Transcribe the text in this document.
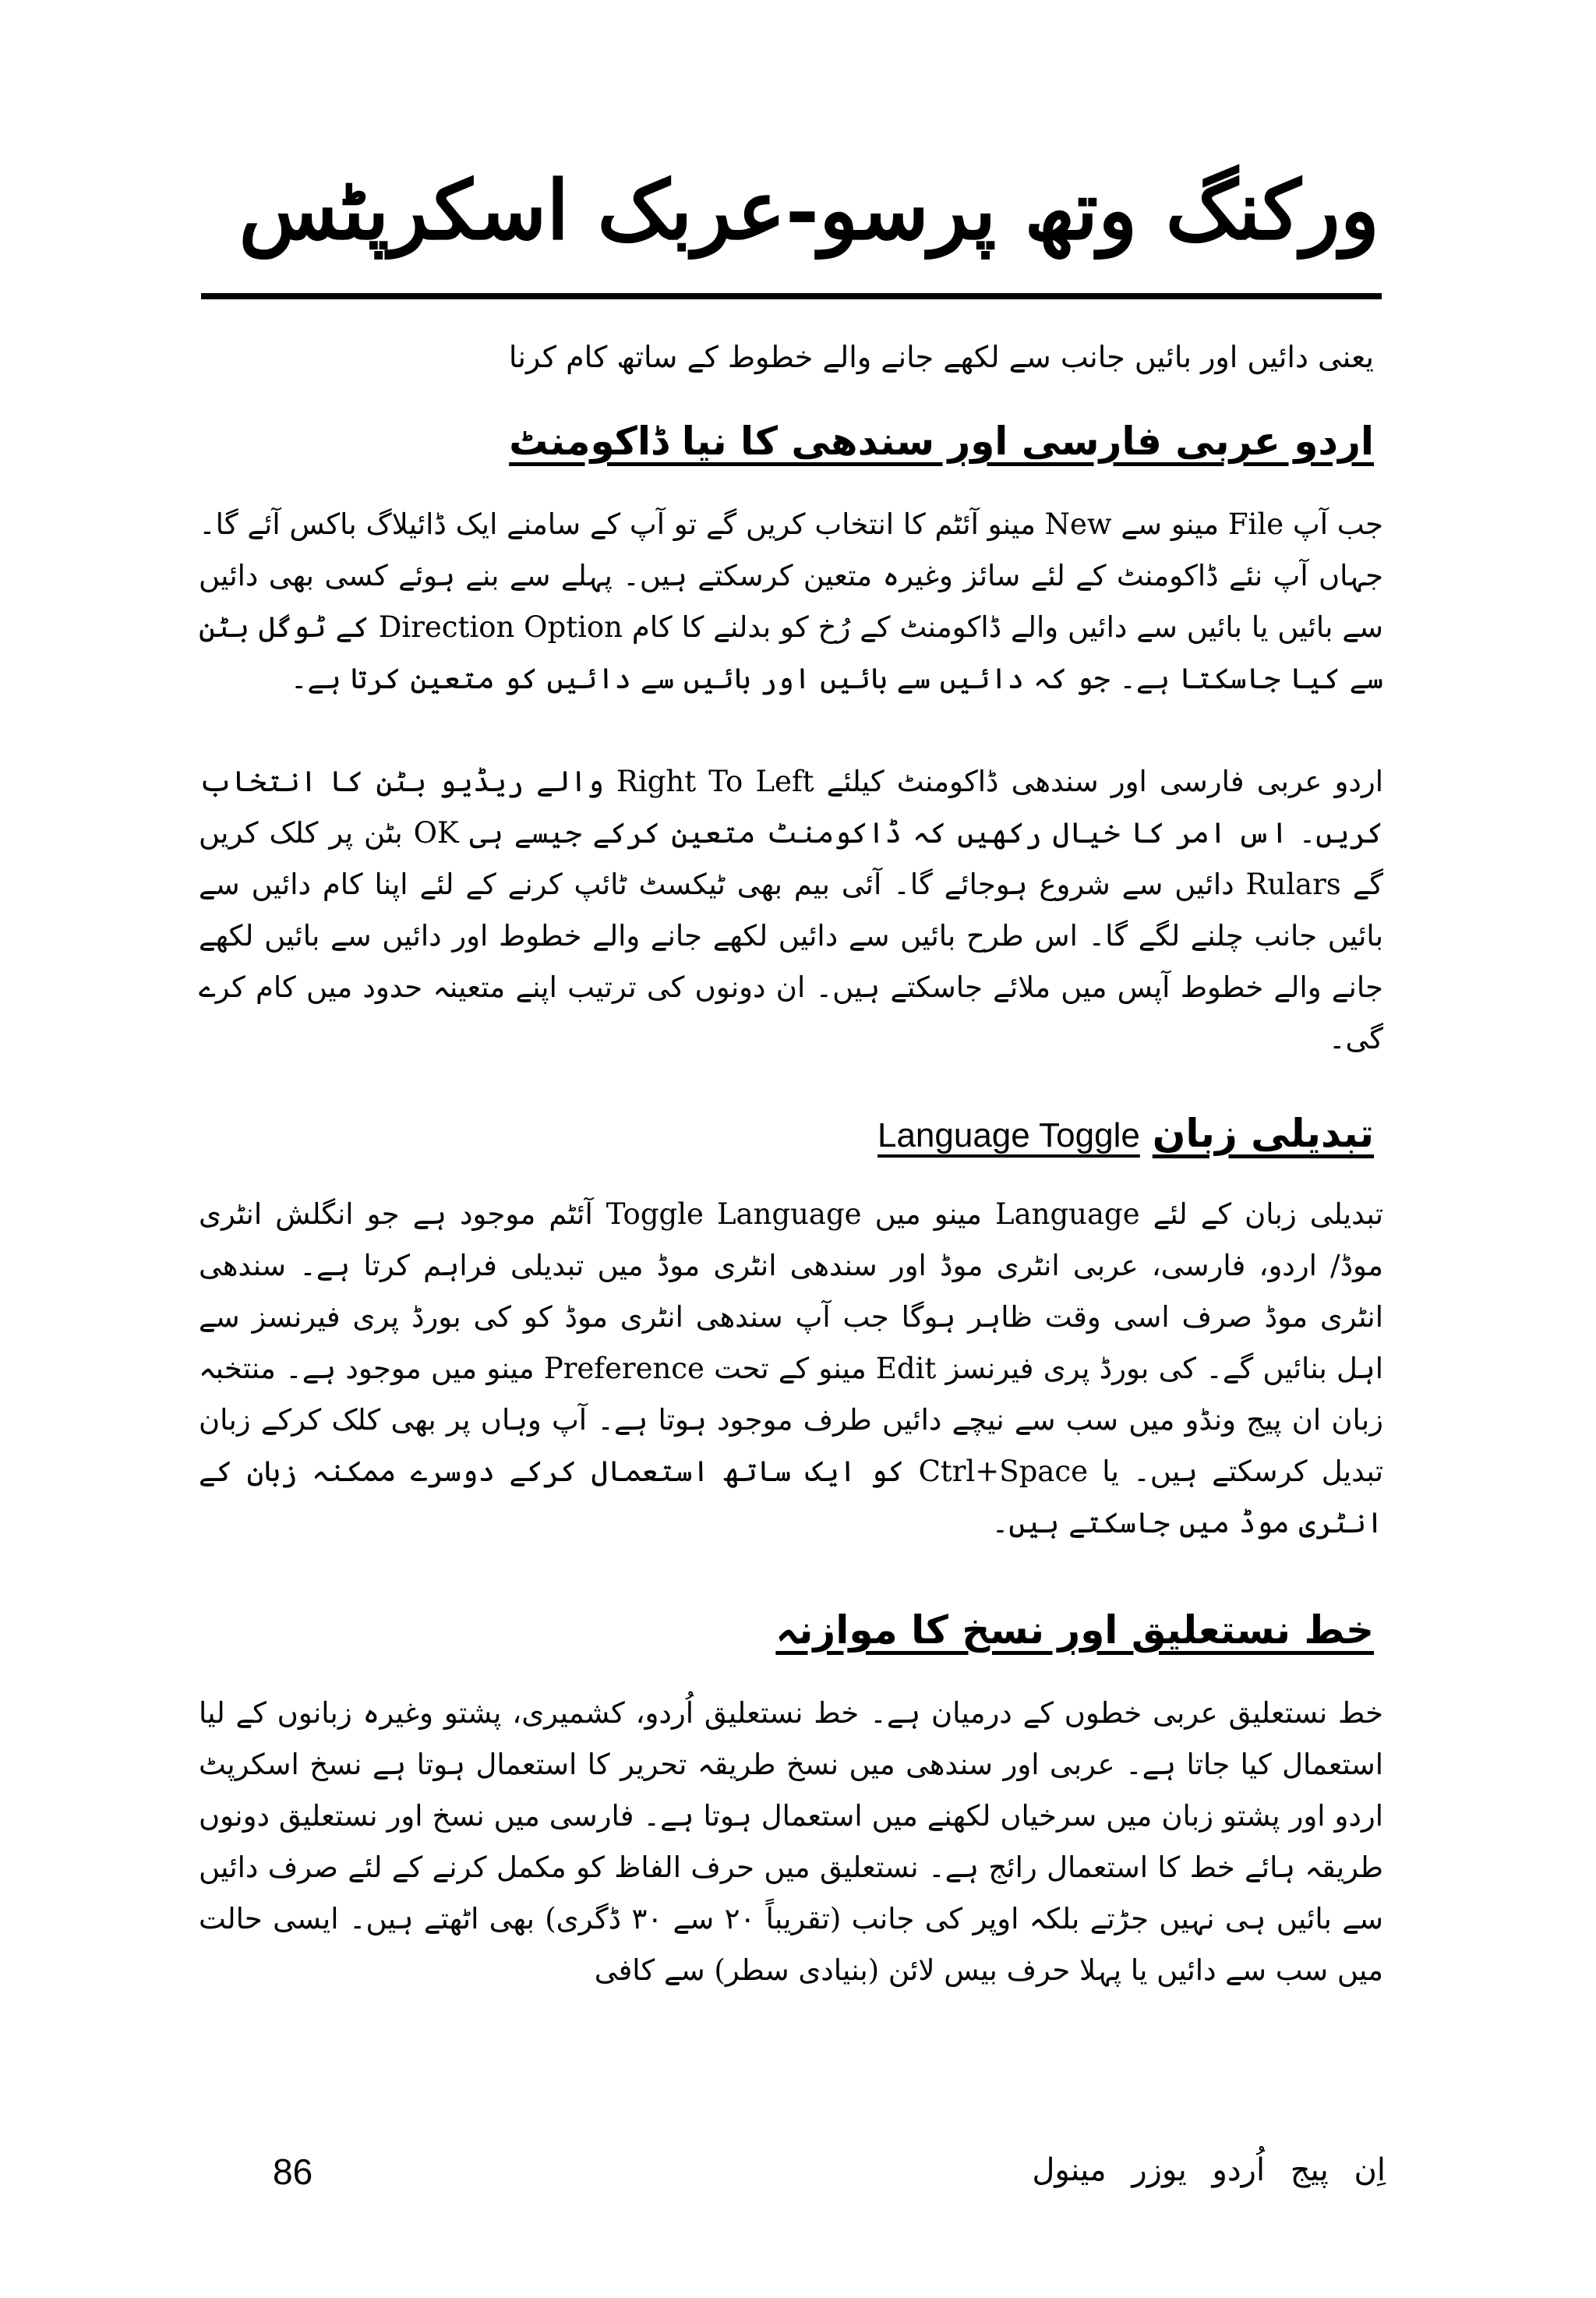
ورکنگ وتھ پرسو-عربک اسکرپٹس
یعنی دائیں اور بائیں جانب سے لکھے جانے والے خطوط کے ساتھ کام کرنا
اردو عربی فارسی اور سندھی کا نیا ڈاکومنٹ

جب آپ File مینو سے New مینو آئٹم کا انتخاب کریں گے تو آپ کے سامنے ایک ڈائیلاگ باکس آئے گا۔ جہاں آپ نئے ڈاکومنٹ کے لئے سائز وغیرہ متعین کرسکتے ہیں۔ پہلے سے بنے ہوئے کسی بھی دائیں سے بائیں یا بائیں سے دائیں والے ڈاکومنٹ کے رُخ کو بدلنے کا کام Direction Option کے ٹوگل بٹن سے کیا جاسکتا ہے۔ جو کہ دائیں سے بائیں اور بائیں سے دائیں کو متعین کرتا ہے۔

اردو عربی فارسی اور سندھی ڈاکومنٹ کیلئے Right To Left والے ریڈیو بٹن کا انتخاب کریں۔ اس امر کا خیال رکھیں کہ ڈاکومنٹ متعین کرکے جیسے ہی OK بٹن پر کلک کریں گے Rulars دائیں سے شروع ہوجائے گا۔ آئی بیم بھی ٹیکسٹ ٹائپ کرنے کے لئے اپنا کام دائیں سے بائیں جانب چلنے لگے گا۔ اس طرح بائیں سے دائیں لکھے جانے والے خطوط اور دائیں سے بائیں لکھے جانے والے خطوط آپس میں ملائے جاسکتے ہیں۔ ان دونوں کی ترتیب اپنے متعینہ حدود میں کام کرے گی۔

تبدیلی زبان Language Toggle

تبدیلی زبان کے لئے Language مینو میں Toggle Language آئٹم موجود ہے جو انگلش انٹری موڈ/ اردو، فارسی، عربی انٹری موڈ اور سندھی انٹری موڈ میں تبدیلی فراہم کرتا ہے۔ سندھی انٹری موڈ صرف اسی وقت ظاہر ہوگا جب آپ سندھی انٹری موڈ کو کی بورڈ پری فیرنسز سے اہل بنائیں گے۔ کی بورڈ پری فیرنسز Edit مینو کے تحت Preference مینو میں موجود ہے۔ منتخبہ زبان ان پیج ونڈو میں سب سے نیچے دائیں طرف موجود ہوتا ہے۔ آپ وہاں پر بھی کلک کرکے زبان تبدیل کرسکتے ہیں۔ یا Ctrl+Space کو ایک ساتھ استعمال کرکے دوسرے ممکنہ زبان کے انٹری موڈ میں جاسکتے ہیں۔

خط نستعلیق اور نسخ کا موازنہ

خط نستعلیق عربی خطوں کے درمیان ہے۔ خط نستعلیق اُردو، کشمیری، پشتو وغیرہ زبانوں کے لیا استعمال کیا جاتا ہے۔ عربی اور سندھی میں نسخ طریقہ تحریر کا استعمال ہوتا ہے نسخ اسکرپٹ اردو اور پشتو زبان میں سرخیاں لکھنے میں استعمال ہوتا ہے۔ فارسی میں نسخ اور نستعلیق دونوں طریقہ ہائے خط کا استعمال رائج ہے۔ نستعلیق میں حرف الفاظ کو مکمل کرنے کے لئے صرف دائیں سے بائیں ہی نہیں جڑتے بلکہ اوپر کی جانب (تقریباً ۲۰ سے ۳۰ ڈگری) بھی اٹھتے ہیں۔ ایسی حالت میں سب سے دائیں یا پہلا حرف بیس لائن (بنیادی سطر) سے کافی

86	اِن پیج اُردو یوزر مینول
